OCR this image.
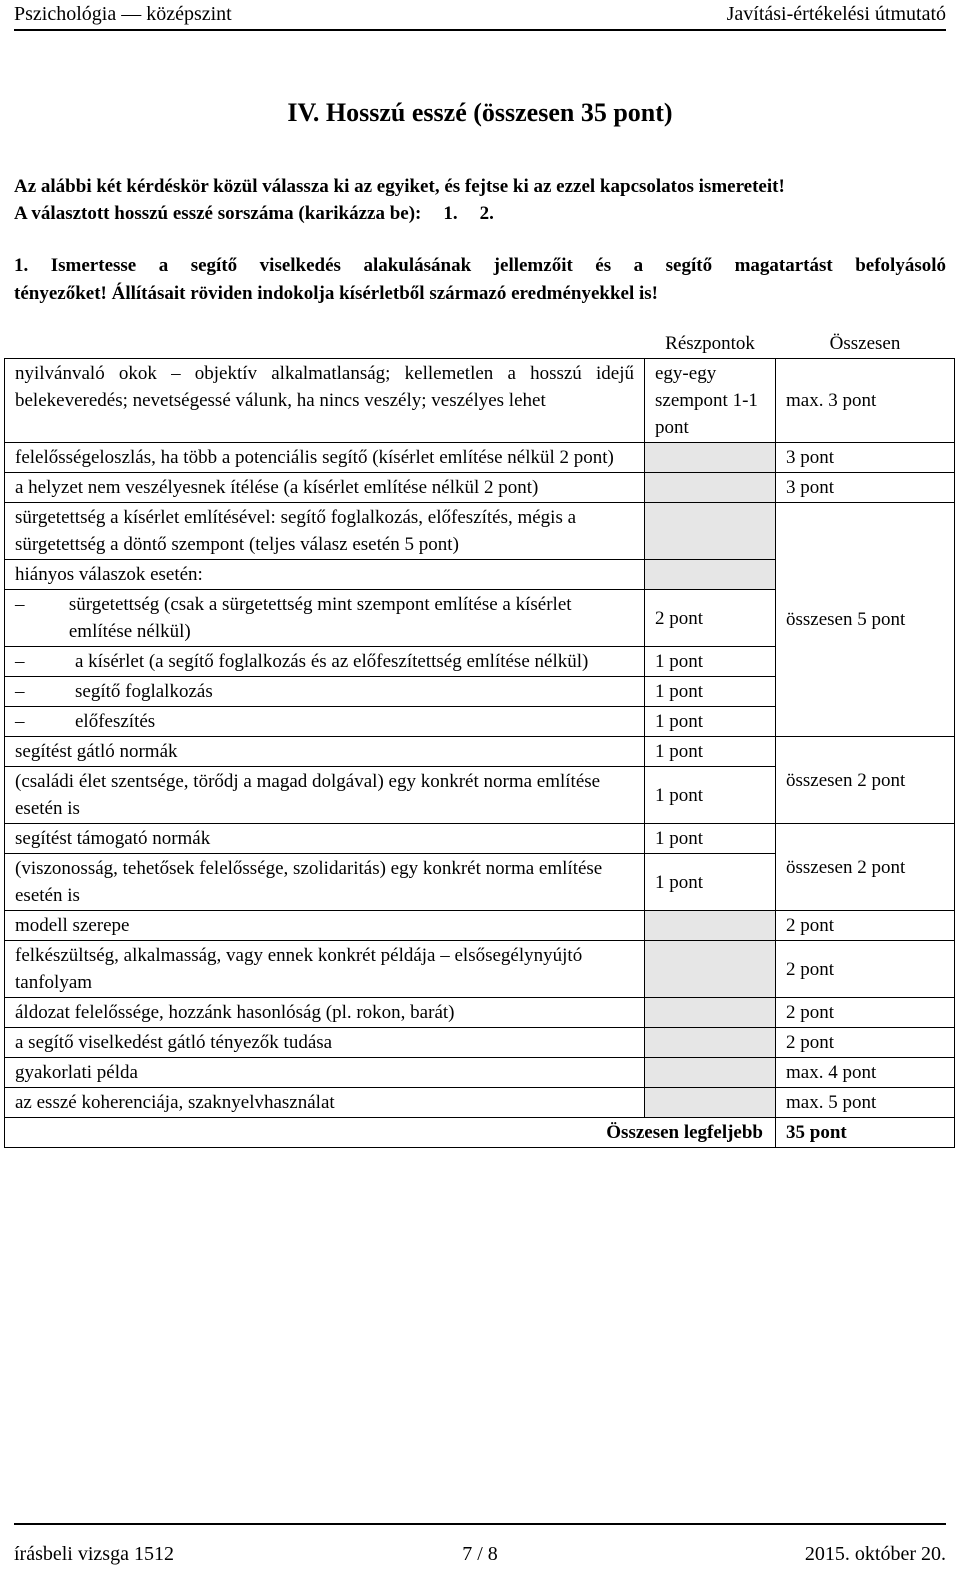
Pszichológia — középszint	Javítási-értékelési útmutató
IV. Hosszú esszé (összesen 35 pont)
Az alábbi két kérdéskör közül válassza ki az egyiket, és fejtse ki az ezzel kapcsolatos ismereteit!
A választott hosszú esszé sorszáma (karikázza be): 1. 2.
1. Ismertesse a segítő viselkedés alakulásának jellemzőit és a segítő magatartást befolyásoló
tényezőket! Állításait röviden indokolja kísérletből származó eredményekkel is!
	Részpontok	Összesen
nyilvánvaló okok – objektív alkalmatlanság; kellemetlen a hosszú idejű belekeveredés; nevetségessé válunk, ha nincs veszély; veszélyes lehet	egy-egy szempont 1-1 pont	max. 3 pont
felelősségeloszlás, ha több a potenciális segítő (kísérlet említése nélkül 2 pont)		3 pont
a helyzet nem veszélyesnek ítélése (a kísérlet említése nélkül 2 pont)		3 pont
sürgetettség a kísérlet említésével: segítő foglalkozás, előfeszítés, mégis a sürgetettség a döntő szempont (teljes válasz esetén 5 pont)		összesen 5 pont
hiányos válaszok esetén:		

– sürgetettség (csak a sürgetettség mint szempont említése a kísérlet említése nélkül)	2 pont	

– a kísérlet (a segítő foglalkozás és az előfeszítettség említése nélkül)	1 pont	

– segítő foglalkozás	1 pont	

– előfeszítés	1 pont	
segítést gátló normák	1 pont	összesen 2 pont
(családi élet szentsége, törődj a magad dolgával) egy konkrét norma említése esetén is	1 pont	
segítést támogató normák	1 pont	összesen 2 pont
(viszonosság, tehetősek felelőssége, szolidaritás) egy konkrét norma említése esetén is	1 pont	
modell szerepe		2 pont
felkészültség, alkalmasság, vagy ennek konkrét példája – elsősegélynyújtó tanfolyam		2 pont
áldozat felelőssége, hozzánk hasonlóság (pl. rokon, barát)		2 pont
a segítő viselkedést gátló tényezők tudása		2 pont
gyakorlati példa		max. 4 pont
az esszé koherenciája, szaknyelvhasználat		max. 5 pont
Összesen legfeljebb		35 pont
írásbeli vizsga 1512	7 / 8	2015. október 20.
